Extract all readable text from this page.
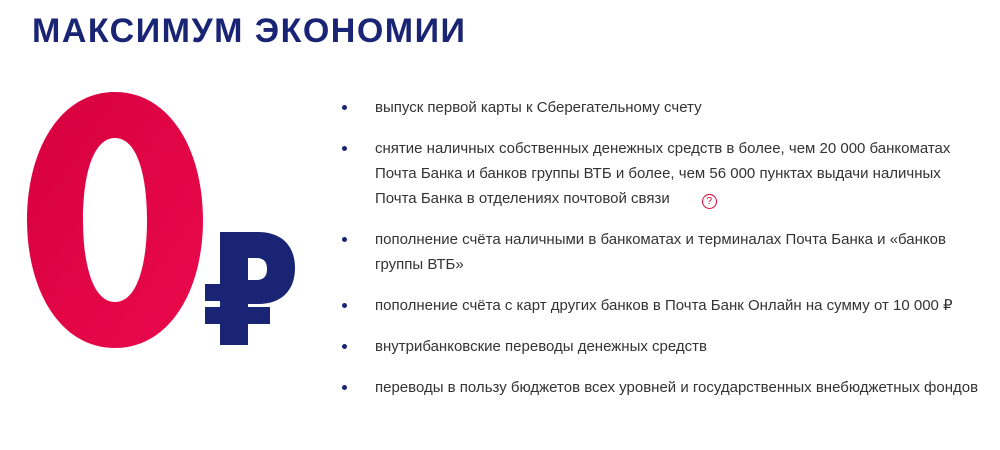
МАКСИМУМ ЭКОНОМИИ
выпуск первой карты к Сберегательному счету
снятие наличных собственных денежных средств в более, чем 20 000 банкоматах Почта Банка и банков группы ВТБ и более, чем 56 000 пунктах выдачи наличных Почта Банка в отделениях почтовой связи	?
пополнение счёта наличными в банкоматах и терминалах Почта Банка и «банков группы ВТБ»
пополнение счёта с карт других банков в Почта Банк Онлайн на сумму от 10 000 ₽
внутрибанковские переводы денежных средств
переводы в пользу бюджетов всех уровней и государственных внебюджетных фондов
